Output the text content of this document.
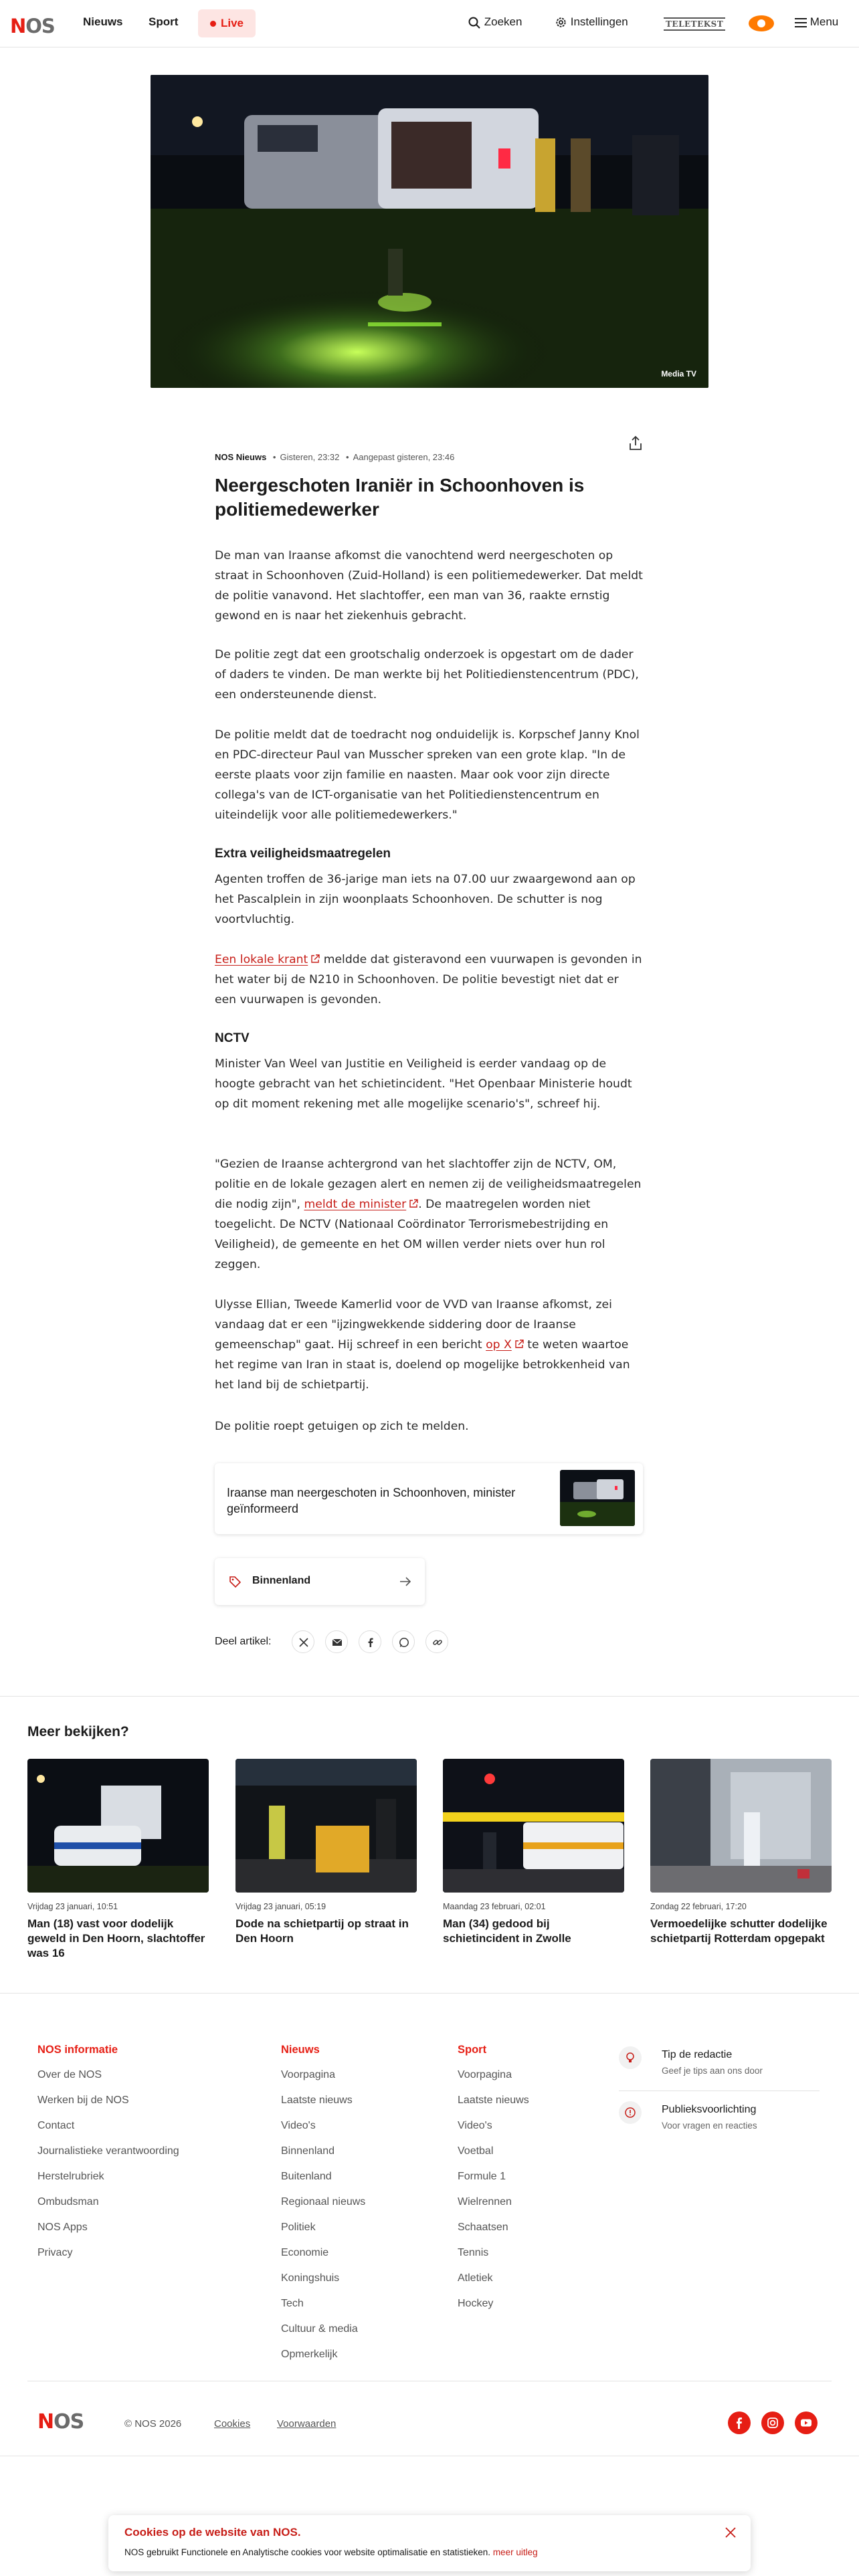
NOS Nieuws Sport	Live	Zoeken	Instellingen	TELETEKST	Menu
Media TV
NOS Nieuws • Gisteren, 23:32 • Aangepast gisteren, 23:46
Neergeschoten Iraniër in Schoonhoven is politiemedewerker
De man van Iraanse afkomst die vanochtend werd neergeschoten op straat in Schoonhoven (Zuid-Holland) is een politiemedewerker. Dat meldt de politie vanavond. Het slachtoffer, een man van 36, raakte ernstig gewond en is naar het ziekenhuis gebracht.
De politie zegt dat een grootschalig onderzoek is opgestart om de dader of daders te vinden. De man werkte bij het Politiedienstencentrum (PDC), een ondersteunende dienst.
De politie meldt dat de toedracht nog onduidelijk is. Korpschef Janny Knol en PDC-directeur Paul van Musscher spreken van een grote klap. "In de eerste plaats voor zijn familie en naasten. Maar ook voor zijn directe collega's van de ICT-organisatie van het Politiedienstencentrum en uiteindelijk voor alle politiemedewerkers."
Extra veiligheidsmaatregelen
Agenten troffen de 36-jarige man iets na 07.00 uur zwaargewond aan op het Pascalplein in zijn woonplaats Schoonhoven. De schutter is nog voortvluchtig.
Een lokale krant meldde dat gisteravond een vuurwapen is gevonden in het water bij de N210 in Schoonhoven. De politie bevestigt niet dat er een vuurwapen is gevonden.
NCTV
Minister Van Weel van Justitie en Veiligheid is eerder vandaag op de hoogte gebracht van het schietincident. "Het Openbaar Ministerie houdt op dit moment rekening met alle mogelijke scenario's", schreef hij.
"Gezien de Iraanse achtergrond van het slachtoffer zijn de NCTV, OM, politie en de lokale gezagen alert en nemen zij de veiligheidsmaatregelen die nodig zijn", meldt de minister . De maatregelen worden niet toegelicht. De NCTV (Nationaal Coördinator Terrorismebestrijding en Veiligheid), de gemeente en het OM willen verder niets over hun rol zeggen.
Ulysse Ellian, Tweede Kamerlid voor de VVD van Iraanse afkomst, zei vandaag dat er een "ijzingwekkende siddering door de Iraanse gemeenschap" gaat. Hij schreef in een bericht op X te weten waartoe het regime van Iran in staat is, doelend op mogelijke betrokkenheid van het land bij de schietpartij.
De politie roept getuigen op zich te melden.
Iraanse man neergeschoten in Schoonhoven, minister geïnformeerd
Binnenland
Deel artikel:
Meer bekijken?
Vrijdag 23 januari, 10:51
Man (18) vast voor dodelijk geweld in Den Hoorn, slachtoffer was 16
Vrijdag 23 januari, 05:19
Dode na schietpartij op straat in Den Hoorn
Maandag 23 februari, 02:01
Man (34) gedood bij schietincident in Zwolle
Zondag 22 februari, 17:20
Vermoedelijke schutter dodelijke schietpartij Rotterdam opgepakt
NOS informatie
Over de NOS
Werken bij de NOS
Contact
Journalistieke verantwoording
Herstelrubriek
Ombudsman
NOS Apps
Privacy
Nieuws
Voorpagina
Laatste nieuws
Video's
Binnenland
Buitenland
Regionaal nieuws
Politiek
Economie
Koningshuis
Tech
Cultuur & media
Opmerkelijk
Sport
Voorpagina
Laatste nieuws
Video's
Voetbal
Formule 1
Wielrennen
Schaatsen
Tennis
Atletiek
Hockey
Tip de redactie
Geef je tips aan ons door
Publieksvoorlichting
Voor vragen en reacties
NOS	© NOS 2026	Cookies	Voorwaarden
Cookies op de website van NOS.
NOS gebruikt Functionele en Analytische cookies voor website optimalisatie en statistieken. meer uitleg
